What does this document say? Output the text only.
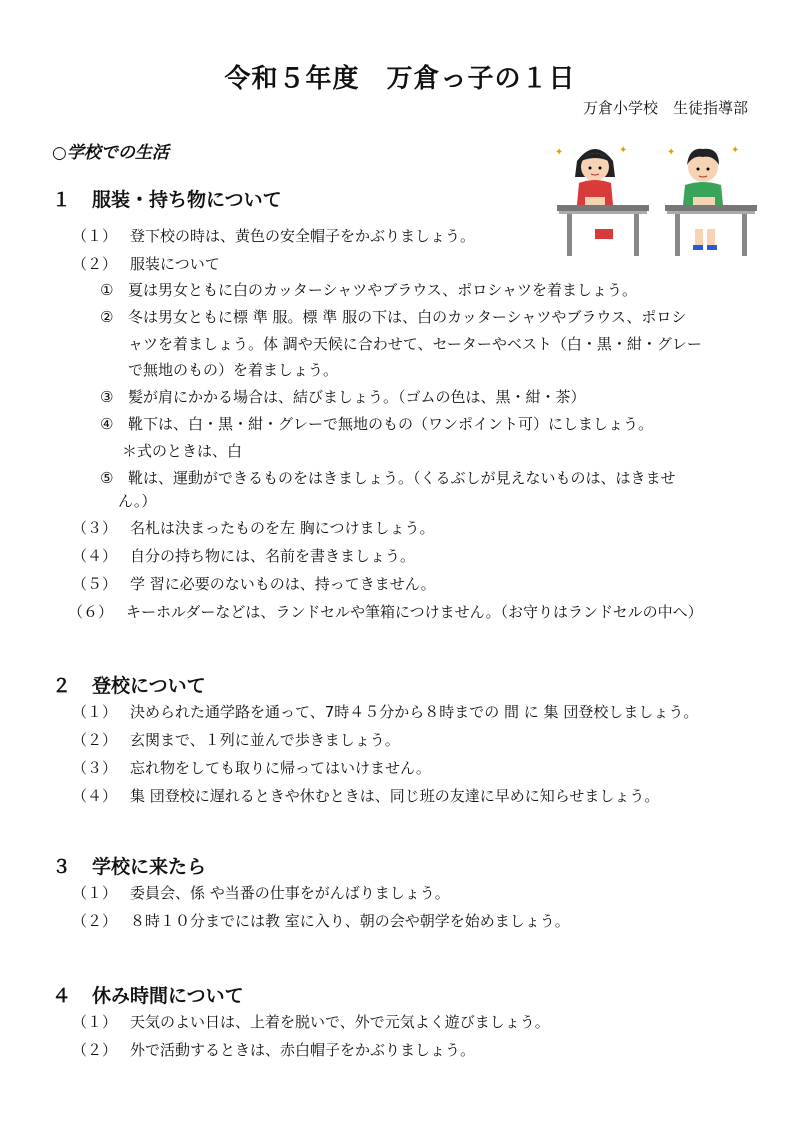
令和５年度　万倉っ子の１日
万倉小学校　生徒指導部
○学校での生活	✦	✦	✦	✦
１ 服装・持ち物について
（１） 登下校の時は、黄色の安全帽子をかぶりましょう。
（２） 服装について
① 夏は男女ともに白のカッターシャツやブラウス、ポロシャツを着ましょう。
② 冬は男女ともに標 準 服。標 準 服の下は、白のカッターシャツやブラウス、ポロシ
ャツを着ましょう。体 調や天候に合わせて、セーターやベスト（白・黒・紺・グレー
で無地のもの）を着ましょう。
③ 髪が肩にかかる場合は、結びましょう。（ゴムの色は、黒・紺・茶）
④ 靴下は、白・黒・紺・グレーで無地のもの（ワンポイント可）にしましょう。
＊式のときは、白
⑤ 靴は、運動ができるものをはきましょう。（くるぶしが見えないものは、はきませ
ん。）
（３） 名札は決まったものを左 胸につけましょう。
（４） 自分の持ち物には、名前を書きましょう。
（５） 学 習に必要のないものは、持ってきません。
（６） キーホルダーなどは、ランドセルや筆箱につけません。（お守りはランドセルの中へ）
２ 登校について
（１） 決められた通学路を通って、7時４５分から８時までの 間 に 集 団登校しましょう。
（２） 玄関まで、１列に並んで歩きましょう。
（３） 忘れ物をしても取りに帰ってはいけません。
（４） 集 団登校に遅れるときや休むときは、同じ班の友達に早めに知らせましょう。
３ 学校に来たら
（１） 委員会、係 や当番の仕事をがんばりましょう。
（２） ８時１０分までには教 室に入り、朝の会や朝学を始めましょう。
４ 休み時間について
（１） 天気のよい日は、上着を脱いで、外で元気よく遊びましょう。
（２） 外で活動するときは、赤白帽子をかぶりましょう。
